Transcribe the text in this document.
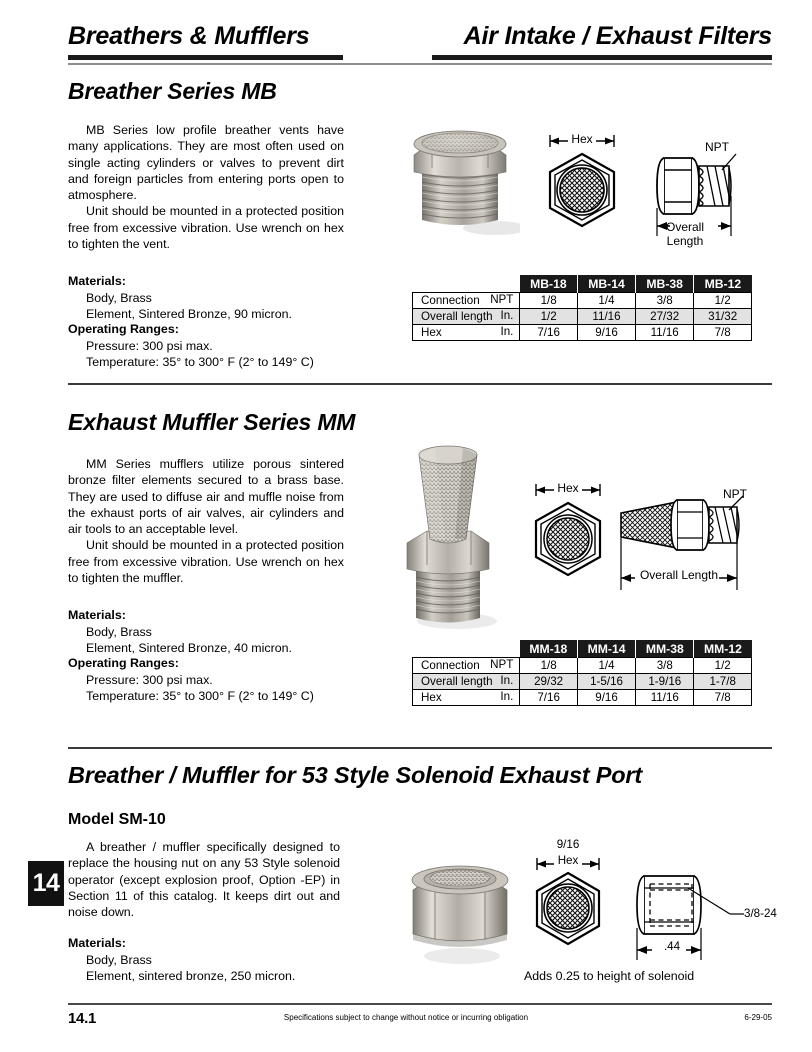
Breathers & Mufflers	Air Intake / Exhaust Filters
Breather Series MB

MB Series low profile breather vents have many applications. They are most often used on single acting cylinders or valves to prevent dirt and foreign particles from entering ports open to atmosphere.

Unit should be mounted in a protected position free from excessive vibration. Use wrench on hex to tighten the vent.

Materials:
Body, Brass
Element, Sintered Bronze, 90 micron.
Operating Ranges:
Pressure: 300 psi max.
Temperature: 35° to 300° F (2° to 149° C)
Hex
NPT
Overall
Length
	MB-18	MB-14	MB-38	MB-12
Connection NPT	1/8	1/4	3/8	1/2
Overall length In.	1/2	11/16	27/32	31/32
Hex In.	7/16	9/16	11/16	7/8
Exhaust Muffler Series MM

MM Series mufflers utilize porous sintered bronze filter elements secured to a brass base. They are used to diffuse air and muffle noise from the exhaust ports of air valves, air cylinders and air tools to an acceptable level.

Unit should be mounted in a protected position free from excessive vibration. Use wrench on hex to tighten the muffler.

Materials:
Body, Brass
Element, Sintered Bronze, 40 micron.
Operating Ranges:
Pressure: 300 psi max.
Temperature: 35° to 300° F (2° to 149° C)
Hex	NPT
Overall Length
	MM-18	MM-14	MM-38	MM-12
Connection NPT	1/8	1/4	3/8	1/2
Overall length In.	29/32	1-5/16	1-9/16	1-7/8
Hex In.	7/16	9/16	11/16	7/8
Breather / Muffler for 53 Style Solenoid Exhaust Port
Model SM-10

A breather / muffler specifically designed to replace the housing nut on any 53 Style solenoid operator (except explosion proof, Option -EP) in Section 11 of this catalog. It keeps dirt out and noise down.

Materials:
Body, Brass
Element, sintered bronze, 250 micron.
9/16
Hex
3/8-24
.44
Adds 0.25 to height of solenoid
14
14.1	Specifications subject to change without notice or incurring obligation	6-29-05
